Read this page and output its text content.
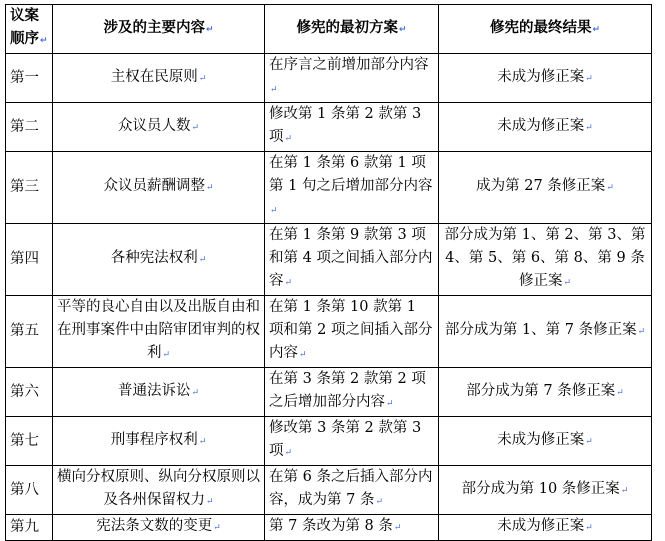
议案顺序↵	涉及的主要内容↵	修宪的最初方案↵	修宪的最终结果↵
第一	主权在民原则↵	在序言之前增加部分内容↵	未成为修正案↵
第二	众议员人数↵	修改第 1 条第 2 款第 3 项↵	未成为修正案↵
第三	众议员薪酬调整↵	在第 1 条第 6 款第 1 项第 1 句之后增加部分内容↵	成为第 27 条修正案↵
第四	各种宪法权利↵	在第 1 条第 9 款第 3 项和第 4 项之间插入部分内容↵	部分成为第 1、第 2、第 3、第 4、第 5、第 6、第 8、第 9 条修正案↵
第五	平等的良心自由以及出版自由和在刑事案件中由陪审团审判的权利↵	在第 1 条第 10 款第 1 项和第 2 项之间插入部分内容↵	部分成为第 1、第 7 条修正案↵
第六	普通法诉讼↵	在第 3 条第 2 款第 2 项之后增加部分内容↵	部分成为第 7 条修正案↵
第七	刑事程序权利↵	修改第 3 条第 2 款第 3 项↵	未成为修正案↵
第八	横向分权原则、纵向分权原则以及各州保留权力↵	在第 6 条之后插入部分内容，成为第 7 条↵	部分成为第 10 条修正案↵
第九	宪法条文数的变更↵	第 7 条改为第 8 条↵	未成为修正案↵
